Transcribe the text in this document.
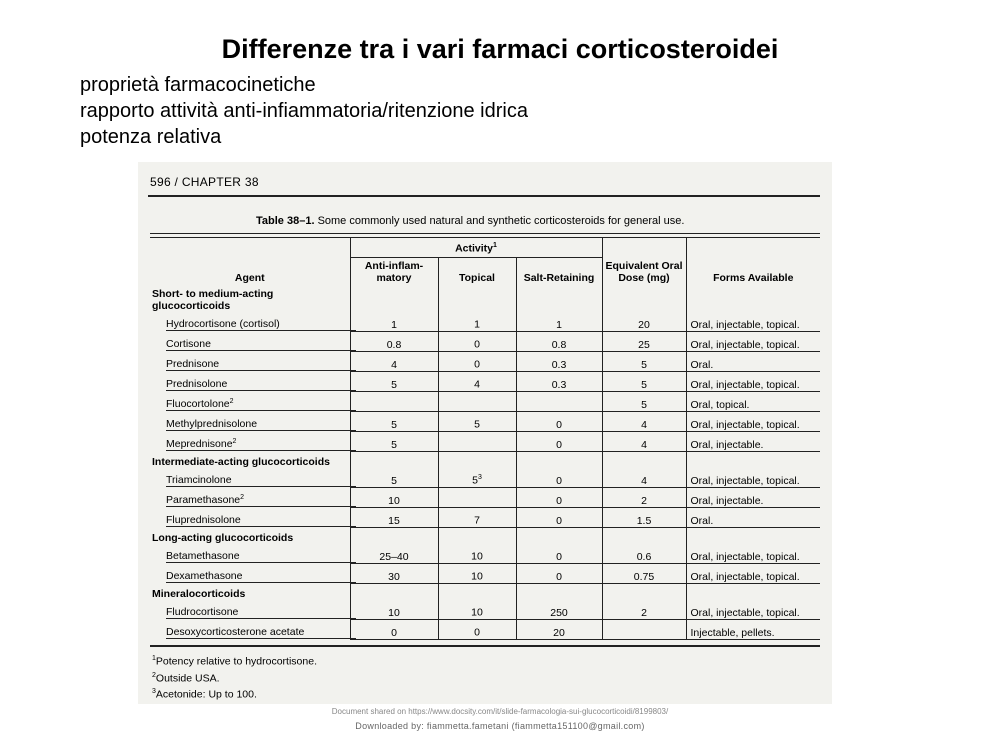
Differenze tra i vari farmaci corticosteroidei
proprietà farmacocinetiche
rapporto attività anti-infiammatoria/ritenzione idrica
potenza relativa
596 / CHAPTER 38
Table 38–1. Some commonly used natural and synthetic corticosteroids for general use.
Agent	Activity$^1$			Equivalent Oral Dose (mg)	Forms Available
	Anti-inflam-matory	Topical	Salt-Retaining		
Short- to medium-acting glucocorticoids					
Hydrocortisone (cortisol)	1	1	1	20	Oral, injectable, topical.
Cortisone	0.8	0	0.8	25	Oral, injectable, topical.
Prednisone	4	0	0.3	5	Oral.
Prednisolone	5	4	0.3	5	Oral, injectable, topical.
Fluocortolone$^2$				5	Oral, topical.
Methylprednisolone	5	5	0	4	Oral, injectable, topical.
Meprednisone$^2$	5		0	4	Oral, injectable.
Intermediate-acting glucocorticoids					
Triamcinolone	5	$5^3$	0	4	Oral, injectable, topical.
Paramethasone$^2$	10		0	2	Oral, injectable.
Fluprednisolone	15	7	0	1.5	Oral.
Long-acting glucocorticoids					
Betamethasone	25–40	10	0	0.6	Oral, injectable, topical.
Dexamethasone	30	10	0	0.75	Oral, injectable, topical.
Mineralocorticoids					
Fludrocortisone	10	10	250	2	Oral, injectable, topical.
Desoxycorticosterone acetate	0	0	20		Injectable, pellets.
$^1$Potency relative to hydrocortisone.
$^2$Outside USA.
$^3$Acetonide: Up to 100.
Document shared on https://www.docsity.com/it/slide-farmacologia-sui-glucocorticoidi/8199803/
Downloaded by: fiammetta.fametani (fiammetta151100@gmail.com)
